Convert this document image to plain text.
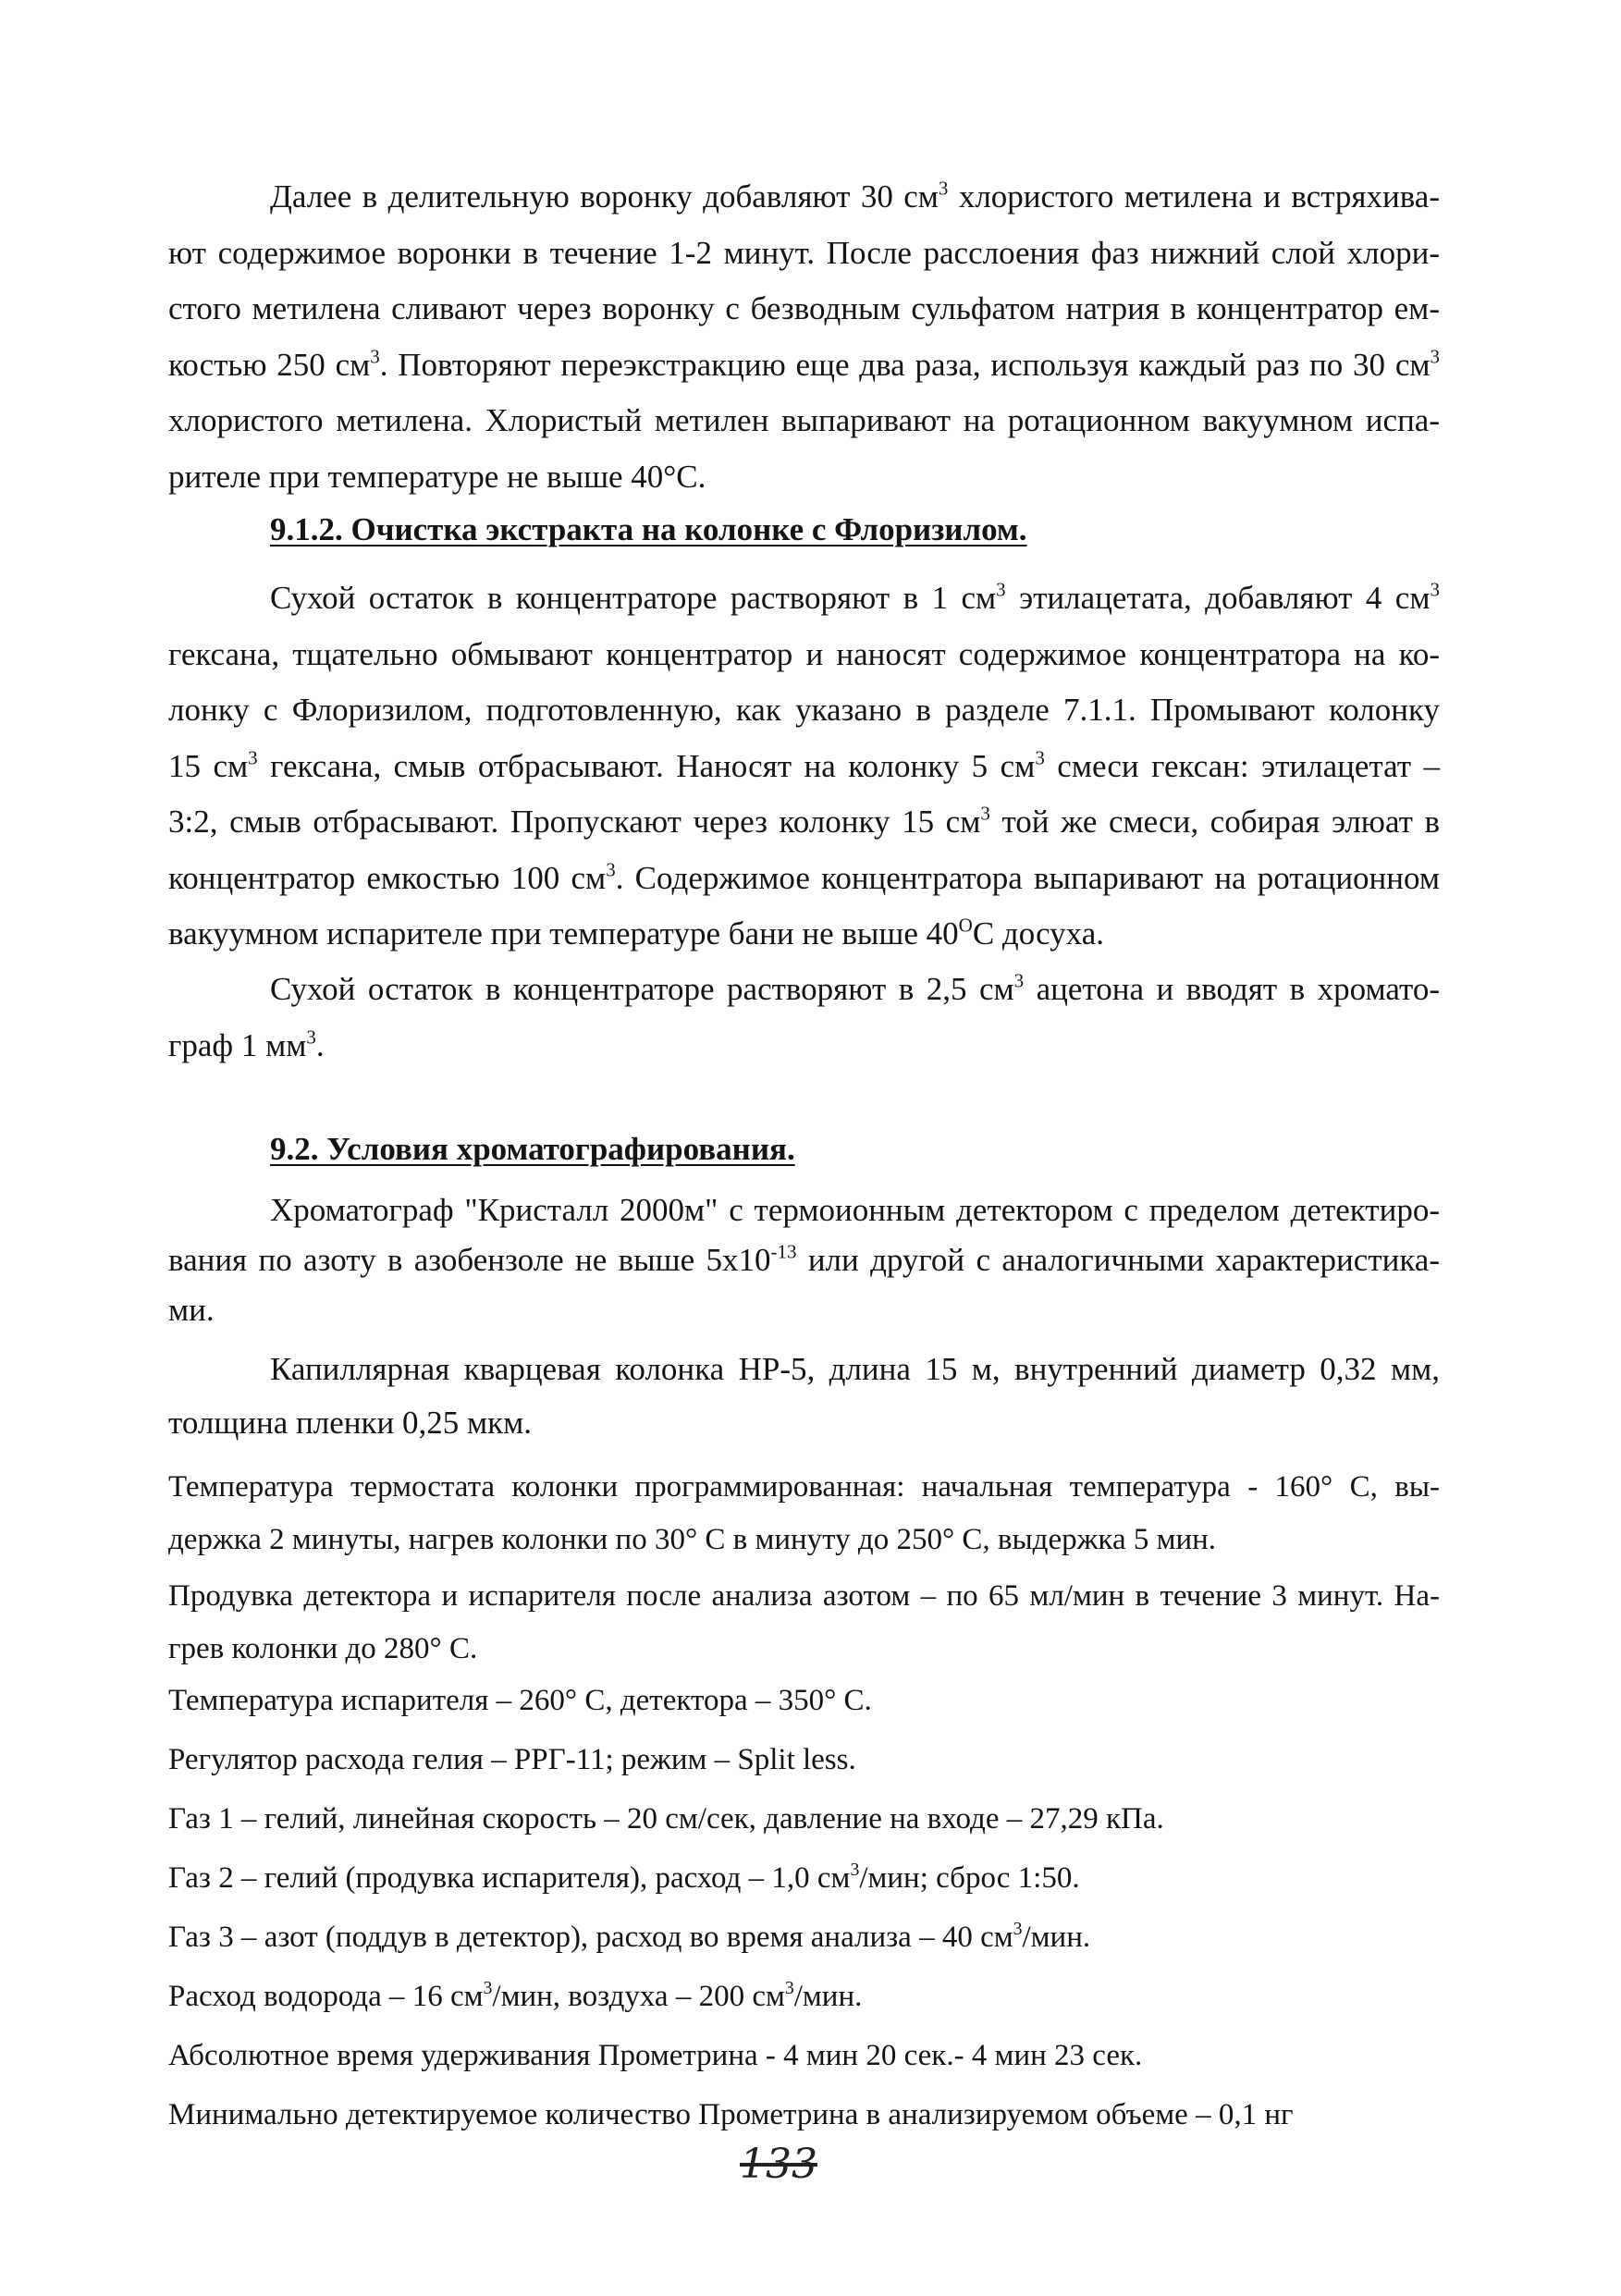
Далее в делительную воронку добавляют 30 $см^3$ хлористого метилена и встряхива-
ют содержимое воронки в течение 1-2 минут. После расслоения фаз нижний слой хлори-
стого метилена сливают через воронку с безводным сульфатом натрия в концентратор ем-
костью 250 $см^3$. Повторяют переэкстракцию еще два раза, используя каждый раз по 30 $см^3$
хлористого метилена. Хлористый метилен выпаривают на ротационном вакуумном испа-
рителе при температуре не выше 40°С.
9.1.2. Очистка экстракта на колонке с Флоризилом.
Сухой остаток в концентраторе растворяют в 1 $см^3$ этилацетата, добавляют 4 $см^3$
гексана, тщательно обмывают концентратор и наносят содержимое концентратора на ко-
лонку с Флоризилом, подготовленную, как указано в разделе 7.1.1. Промывают колонку
15 $см^3$ гексана, смыв отбрасывают. Наносят на колонку 5 $см^3$ смеси гексан: этилацетат –
3:2, смыв отбрасывают. Пропускают через колонку 15 $см^3$ той же смеси, собирая элюат в
концентратор емкостью 100 $см^3$. Содержимое концентратора выпаривают на ротационном
вакуумном испарителе при температуре бани не выше $40^ОС$ досуха.
Сухой остаток в концентраторе растворяют в 2,5 $см^3$ ацетона и вводят в хромато-
граф 1 $мм^3$.
9.2. Условия хроматографирования.
Хроматограф "Кристалл 2000м" с термоионным детектором с пределом детектиро-
вания по азоту в азобензоле не выше $5х10^{-13}$ или другой с аналогичными характеристика-
ми.
Капиллярная кварцевая колонка НР-5, длина 15 м, внутренний диаметр 0,32 мм,
толщина пленки 0,25 мкм.
Температура термостата колонки программированная: начальная температура - 160° С, вы-
держка 2 минуты, нагрев колонки по 30° С в минуту до 250° С, выдержка 5 мин.
Продувка детектора и испарителя после анализа азотом – по 65 мл/мин в течение 3 минут. На-
грев колонки до 280° С.
Температура испарителя – 260° С, детектора – 350° С.
Регулятор расхода гелия – РРГ-11; режим – Split less.
Газ 1 – гелий, линейная скорость – 20 см/сек, давление на входе – 27,29 кПа.
Газ 2 – гелий (продувка испарителя), расход – 1,0 $см^3$/мин; сброс 1:50.
Газ 3 – азот (поддув в детектор), расход во время анализа – 40 $см^3$/мин.
Расход водорода – 16 $см^3$/мин, воздуха – 200 $см^3$/мин.
Абсолютное время удерживания Прометрина - 4 мин 20 сек.- 4 мин 23 сек.
Минимально детектируемое количество Прометрина в анализируемом объеме – 0,1 нг
133
